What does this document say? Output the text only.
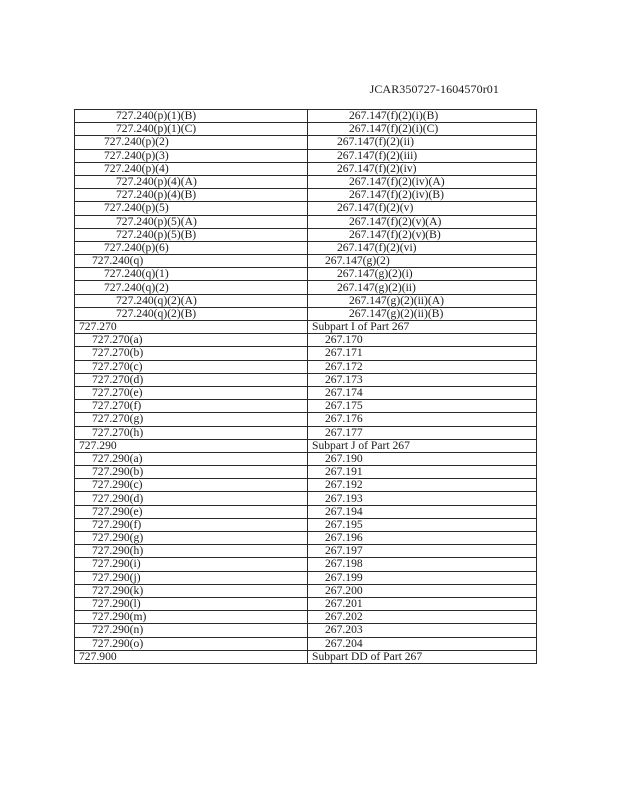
JCAR350727-1604570r01
727.240(p)(1)(B)	267.147(f)(2)(i)(B)
727.240(p)(1)(C)	267.147(f)(2)(i)(C)
727.240(p)(2)	267.147(f)(2)(ii)
727.240(p)(3)	267.147(f)(2)(iii)
727.240(p)(4)	267.147(f)(2)(iv)
727.240(p)(4)(A)	267.147(f)(2)(iv)(A)
727.240(p)(4)(B)	267.147(f)(2)(iv)(B)
727.240(p)(5)	267.147(f)(2)(v)
727.240(p)(5)(A)	267.147(f)(2)(v)(A)
727.240(p)(5)(B)	267.147(f)(2)(v)(B)
727.240(p)(6)	267.147(f)(2)(vi)
727.240(q)	267.147(g)(2)
727.240(q)(1)	267.147(g)(2)(i)
727.240(q)(2)	267.147(g)(2)(ii)
727.240(q)(2)(A)	267.147(g)(2)(ii)(A)
727.240(q)(2)(B)	267.147(g)(2)(ii)(B)
727.270	Subpart I of Part 267
727.270(a)	267.170
727.270(b)	267.171
727.270(c)	267.172
727.270(d)	267.173
727.270(e)	267.174
727.270(f)	267.175
727.270(g)	267.176
727.270(h)	267.177
727.290	Subpart J of Part 267
727.290(a)	267.190
727.290(b)	267.191
727.290(c)	267.192
727.290(d)	267.193
727.290(e)	267.194
727.290(f)	267.195
727.290(g)	267.196
727.290(h)	267.197
727.290(i)	267.198
727.290(j)	267.199
727.290(k)	267.200
727.290(l)	267.201
727.290(m)	267.202
727.290(n)	267.203
727.290(o)	267.204
727.900	Subpart DD of Part 267
